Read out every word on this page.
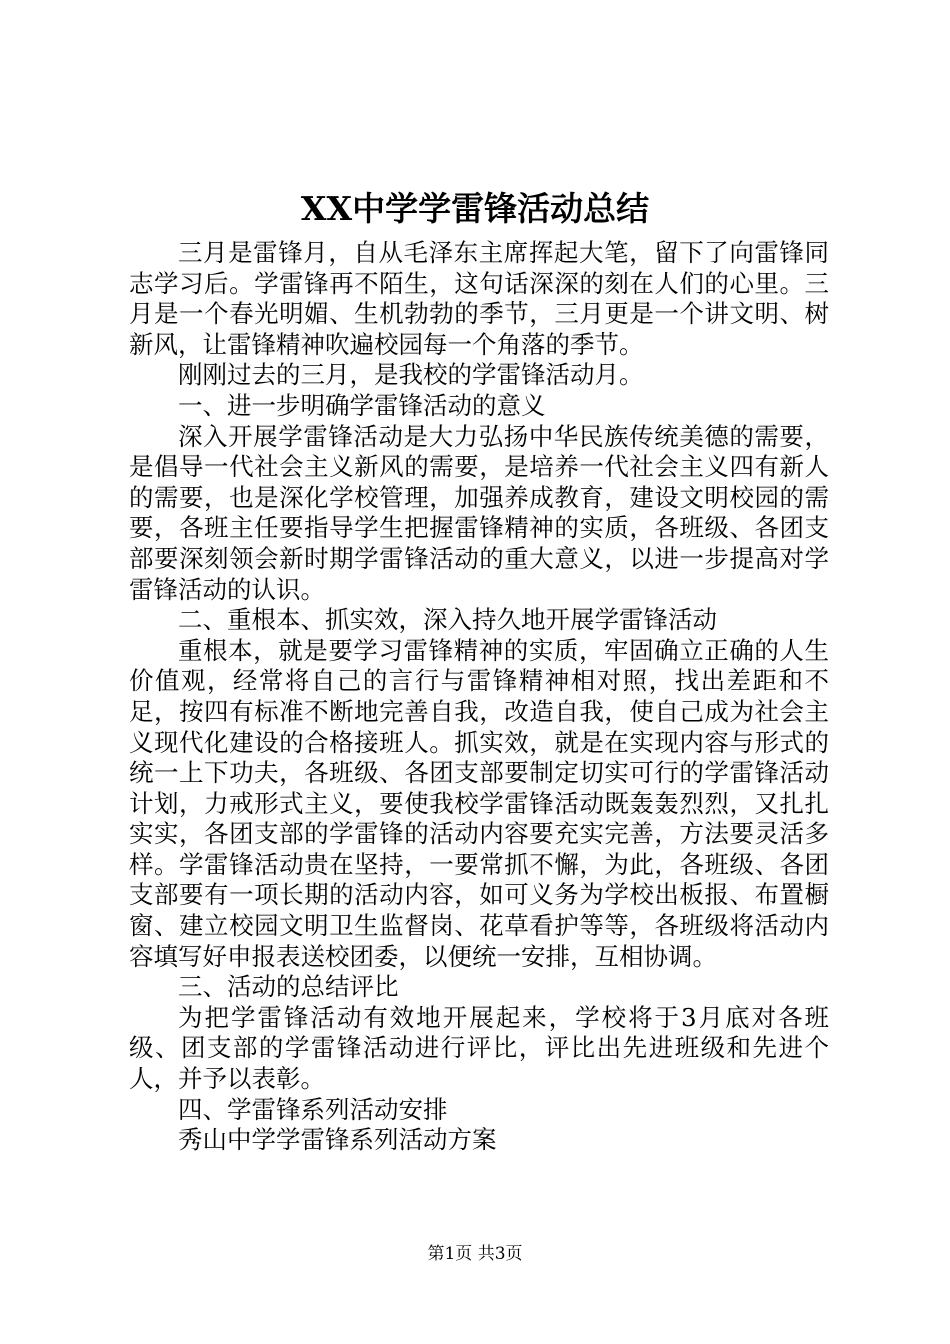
XX中学学雷锋活动总结

三月是雷锋月，自从毛泽东主席挥起大笔，留下了向雷锋同志学习后。学雷锋再不陌生，这句话深深的刻在人们的心里。三月是一个春光明媚、生机勃勃的季节，三月更是一个讲文明、树新风，让雷锋精神吹遍校园每一个角落的季节。

刚刚过去的三月，是我校的学雷锋活动月。

一、进一步明确学雷锋活动的意义

深入开展学雷锋活动是大力弘扬中华民族传统美德的需要，是倡导一代社会主义新风的需要，是培养一代社会主义四有新人的需要，也是深化学校管理，加强养成教育，建设文明校园的需要，各班主任要指导学生把握雷锋精神的实质，各班级、各团支部要深刻领会新时期学雷锋活动的重大意义，以进一步提高对学雷锋活动的认识。

二、重根本、抓实效，深入持久地开展学雷锋活动

重根本，就是要学习雷锋精神的实质，牢固确立正确的人生价值观，经常将自己的言行与雷锋精神相对照，找出差距和不足，按四有标准不断地完善自我，改造自我，使自己成为社会主义现代化建设的合格接班人。抓实效，就是在实现内容与形式的统一上下功夫，各班级、各团支部要制定切实可行的学雷锋活动计划，力戒形式主义，要使我校学雷锋活动既轰轰烈烈，又扎扎实实，各团支部的学雷锋的活动内容要充实完善，方法要灵活多样。学雷锋活动贵在坚持，一要常抓不懈，为此，各班级、各团支部要有一项长期的活动内容，如可义务为学校出板报、布置橱窗、建立校园文明卫生监督岗、花草看护等等，各班级将活动内容填写好申报表送校团委，以便统一安排，互相协调。

三、活动的总结评比

为把学雷锋活动有效地开展起来，学校将于3月底对各班级、团支部的学雷锋活动进行评比，评比出先进班级和先进个人，并予以表彰。

四、学雷锋系列活动安排

秀山中学学雷锋系列活动方案

第1页 共3页
